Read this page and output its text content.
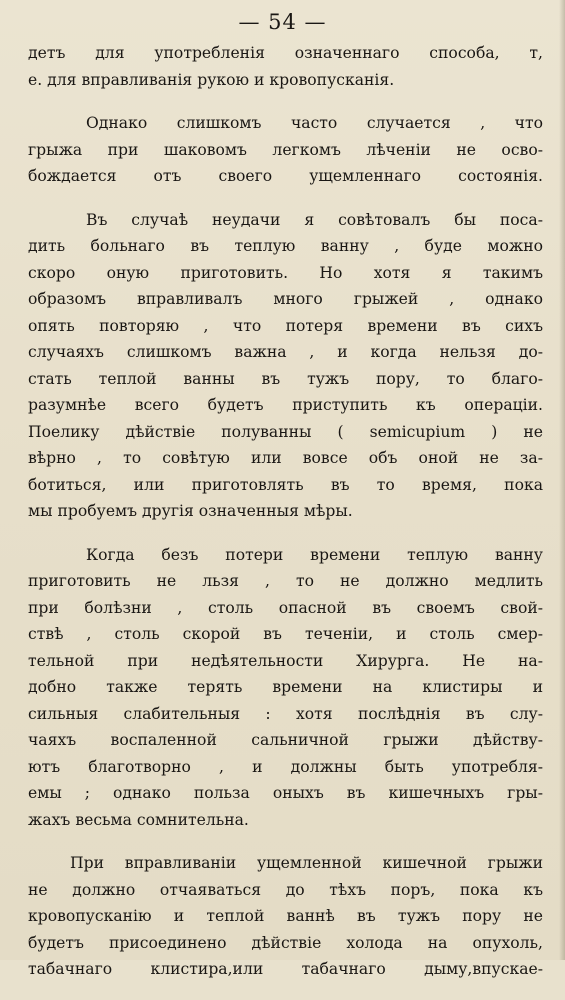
— 54 —
детъ для употребленія означеннаго способа, т,
е. для вправливанія рукою и кровопусканія.
Однако слишкомъ часто случается , что
грыжа при шаковомъ легкомъ лѣченіи не осво-
бождается отъ своего ущемленнаго состоянія.
Въ случаѣ неудачи я совѣтовалъ бы поса-
дить больнаго въ теплую ванну , буде можно
скоро оную приготовить. Но хотя я такимъ
образомъ вправливалъ много грыжей , однако
опять повторяю , что потеря времени въ сихъ
случаяхъ слишкомъ важна , и когда нельзя до-
стать теплой ванны въ тужъ пору, то благо-
разумнѣе всего будетъ приступить къ операціи.
Поелику дѣйствіе полуванны ( semicupium ) не
вѣрно , то совѣтую или вовсе объ оной не за-
ботиться, или приготовлять въ то время, пока
мы пробуемъ другія означенныя мѣры.
Когда безъ потери времени теплую ванну
приготовить не льзя , то не должно медлить
при болѣзни , столь опасной въ своемъ свой-
ствѣ , столь скорой въ теченіи, и столь смер-
тельной при недѣятельности Хирурга. Не на-
добно также терять времени на клистиры и
сильныя слабительныя : хотя послѣднія въ слу-
чаяхъ воспаленной сальничной грыжи дѣйству-
ютъ благотворно , и должны быть употребля-
емы ; однако польза оныхъ въ кишечныхъ гры-
жахъ весьма сомнительна.
При вправливаніи ущемленной кишечной грыжи
не должно отчаяваться до тѣхъ поръ, пока къ
кровопусканію и теплой ваннѣ въ тужъ пору не
будетъ присоединено дѣйствіе холода на опухоль,
табачнаго клистира,или табачнаго дыму,впускае-
